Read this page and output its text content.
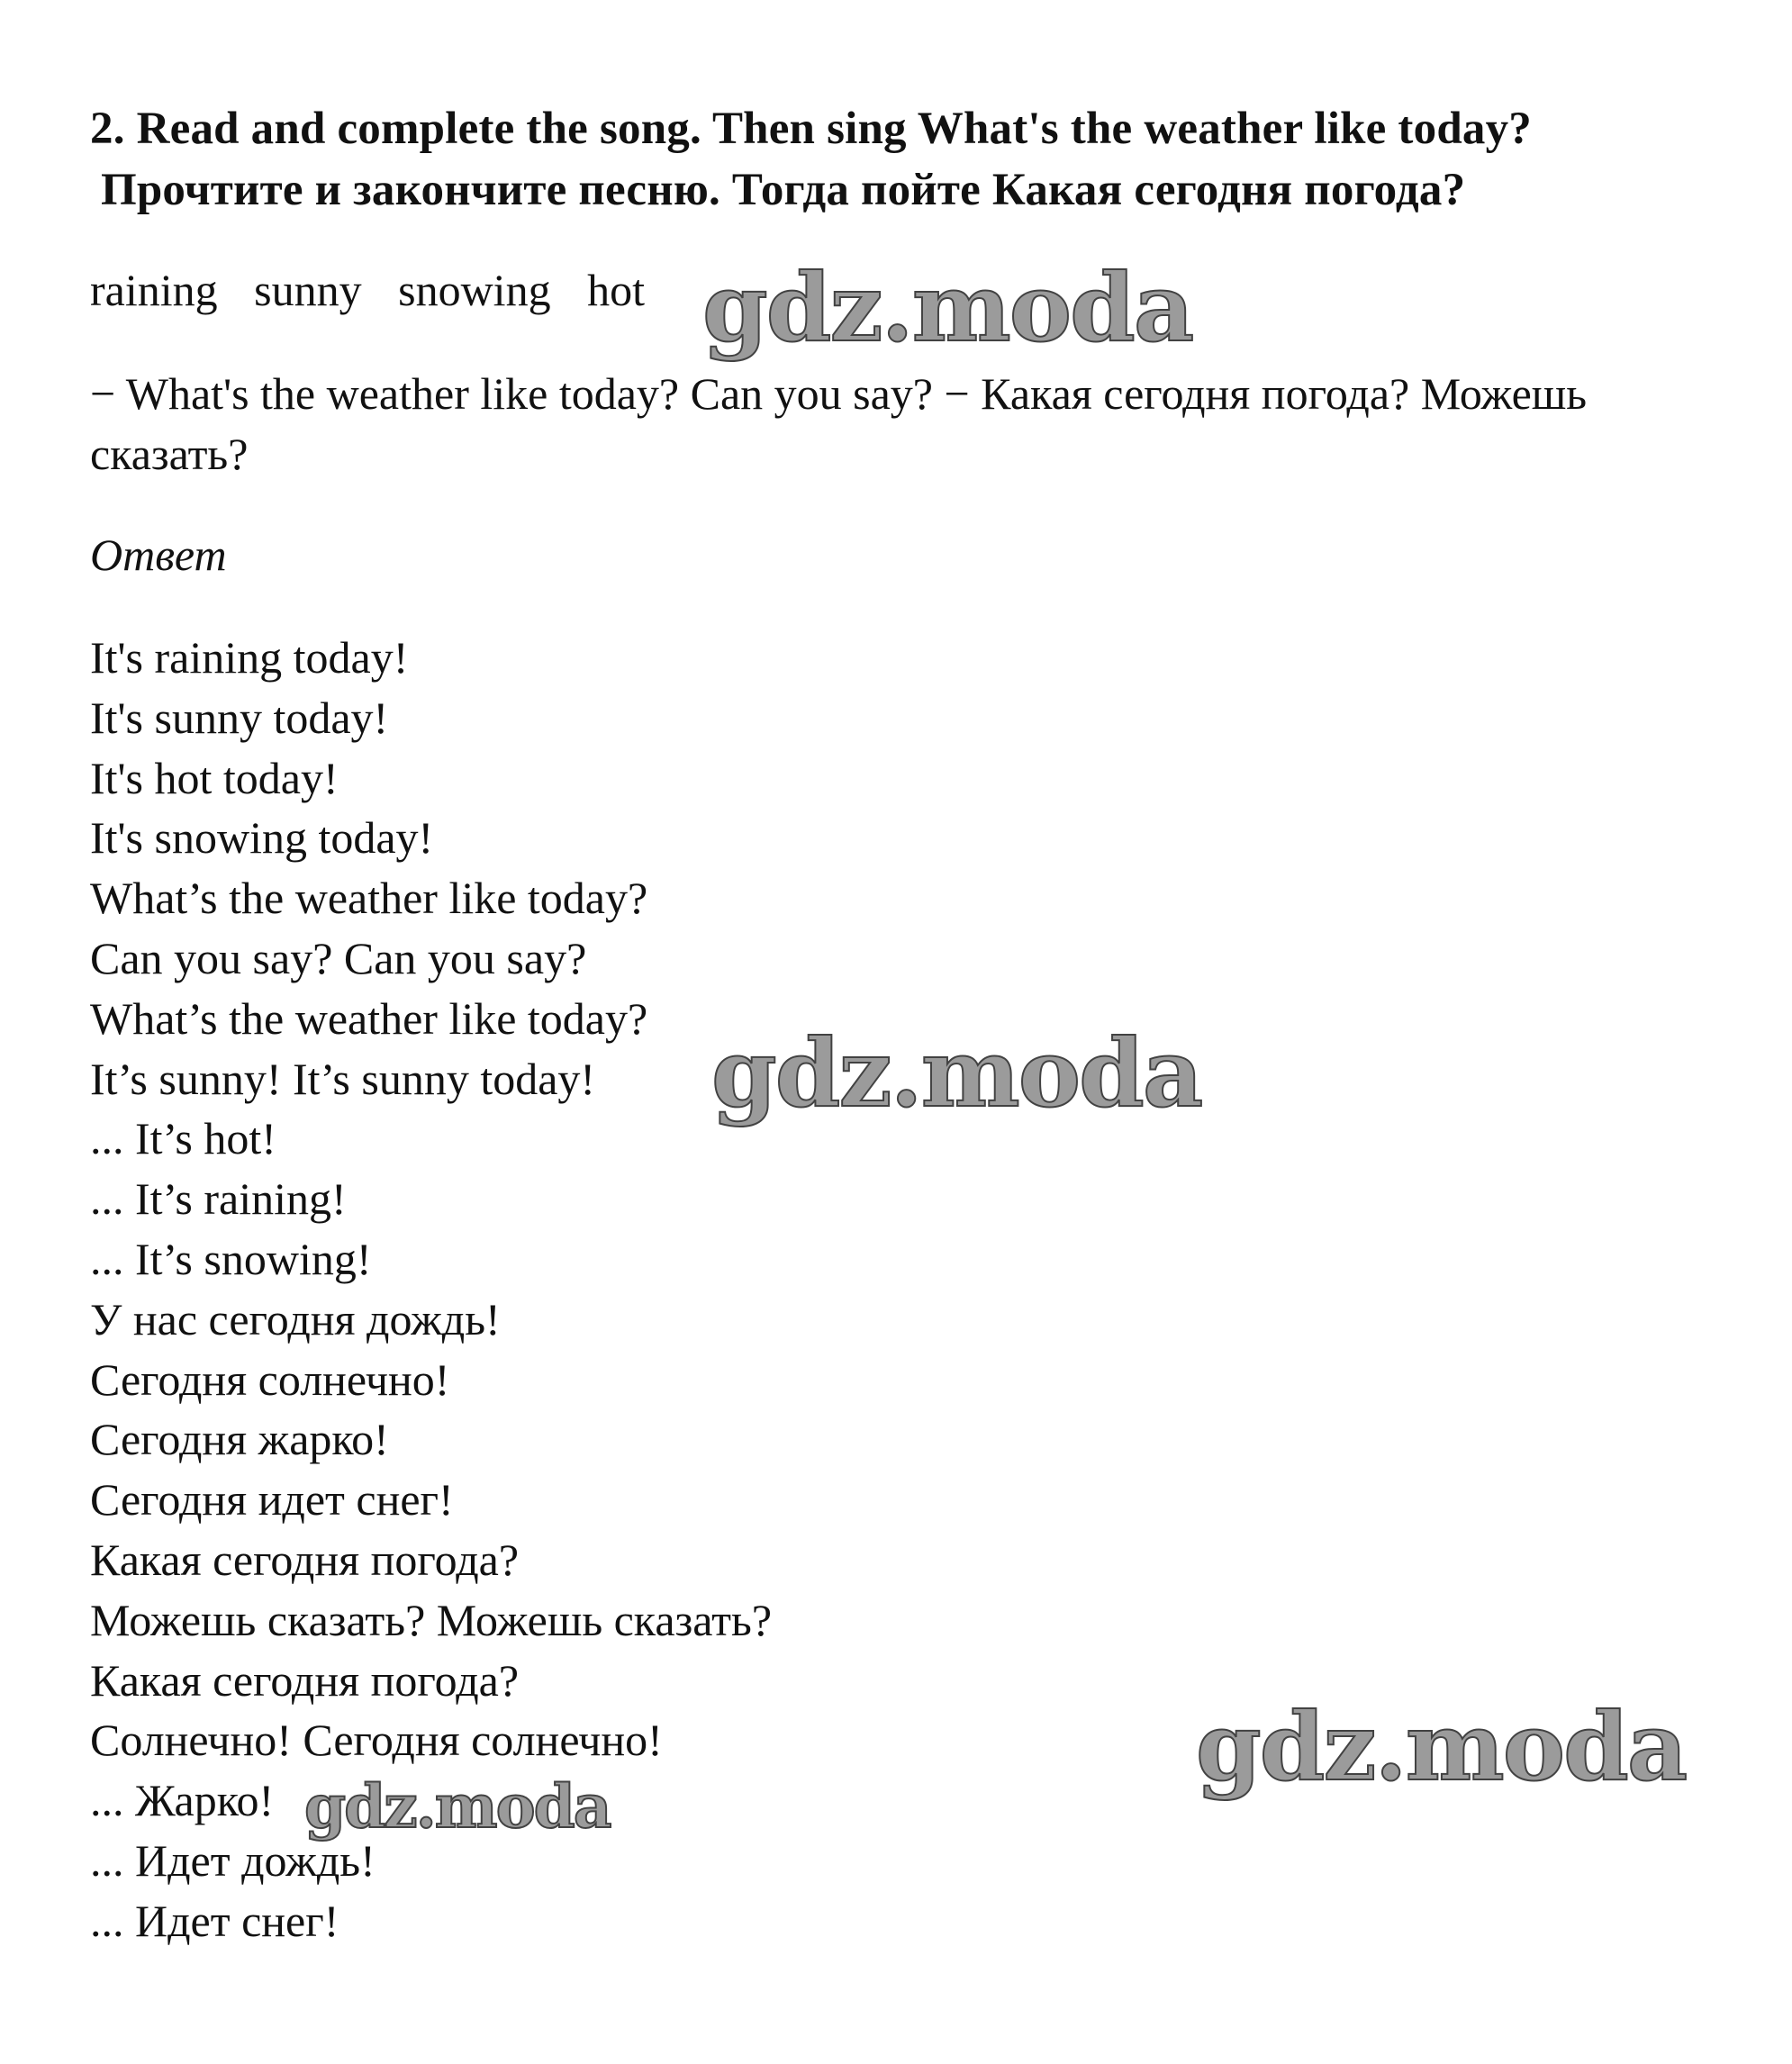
2. Read and complete the song. Then sing What's the weather like today?
Прочтите и закончите песню. Тогда пойте Какая сегодня погода?
raining sunny snowing hot
− What's the weather like today? Can you say? − Какая сегодня погода? Можешь сказать?
Ответ
It's raining today!
It's sunny today!
It's hot today!
It's snowing today!
What’s the weather like today?
Can you say? Can you say?
What’s the weather like today?
It’s sunny! It’s sunny today!
... It’s hot!
... It’s raining!
... It’s snowing!
У нас сегодня дождь!
Сегодня солнечно!
Сегодня жарко!
Сегодня идет снег!
Какая сегодня погода?
Можешь сказать? Можешь сказать?
Какая сегодня погода?
Солнечно! Сегодня солнечно!
... Жарко!
... Идет дождь!
... Идет снег!
gdz.moda
gdz.moda
gdz.moda
gdz.moda
